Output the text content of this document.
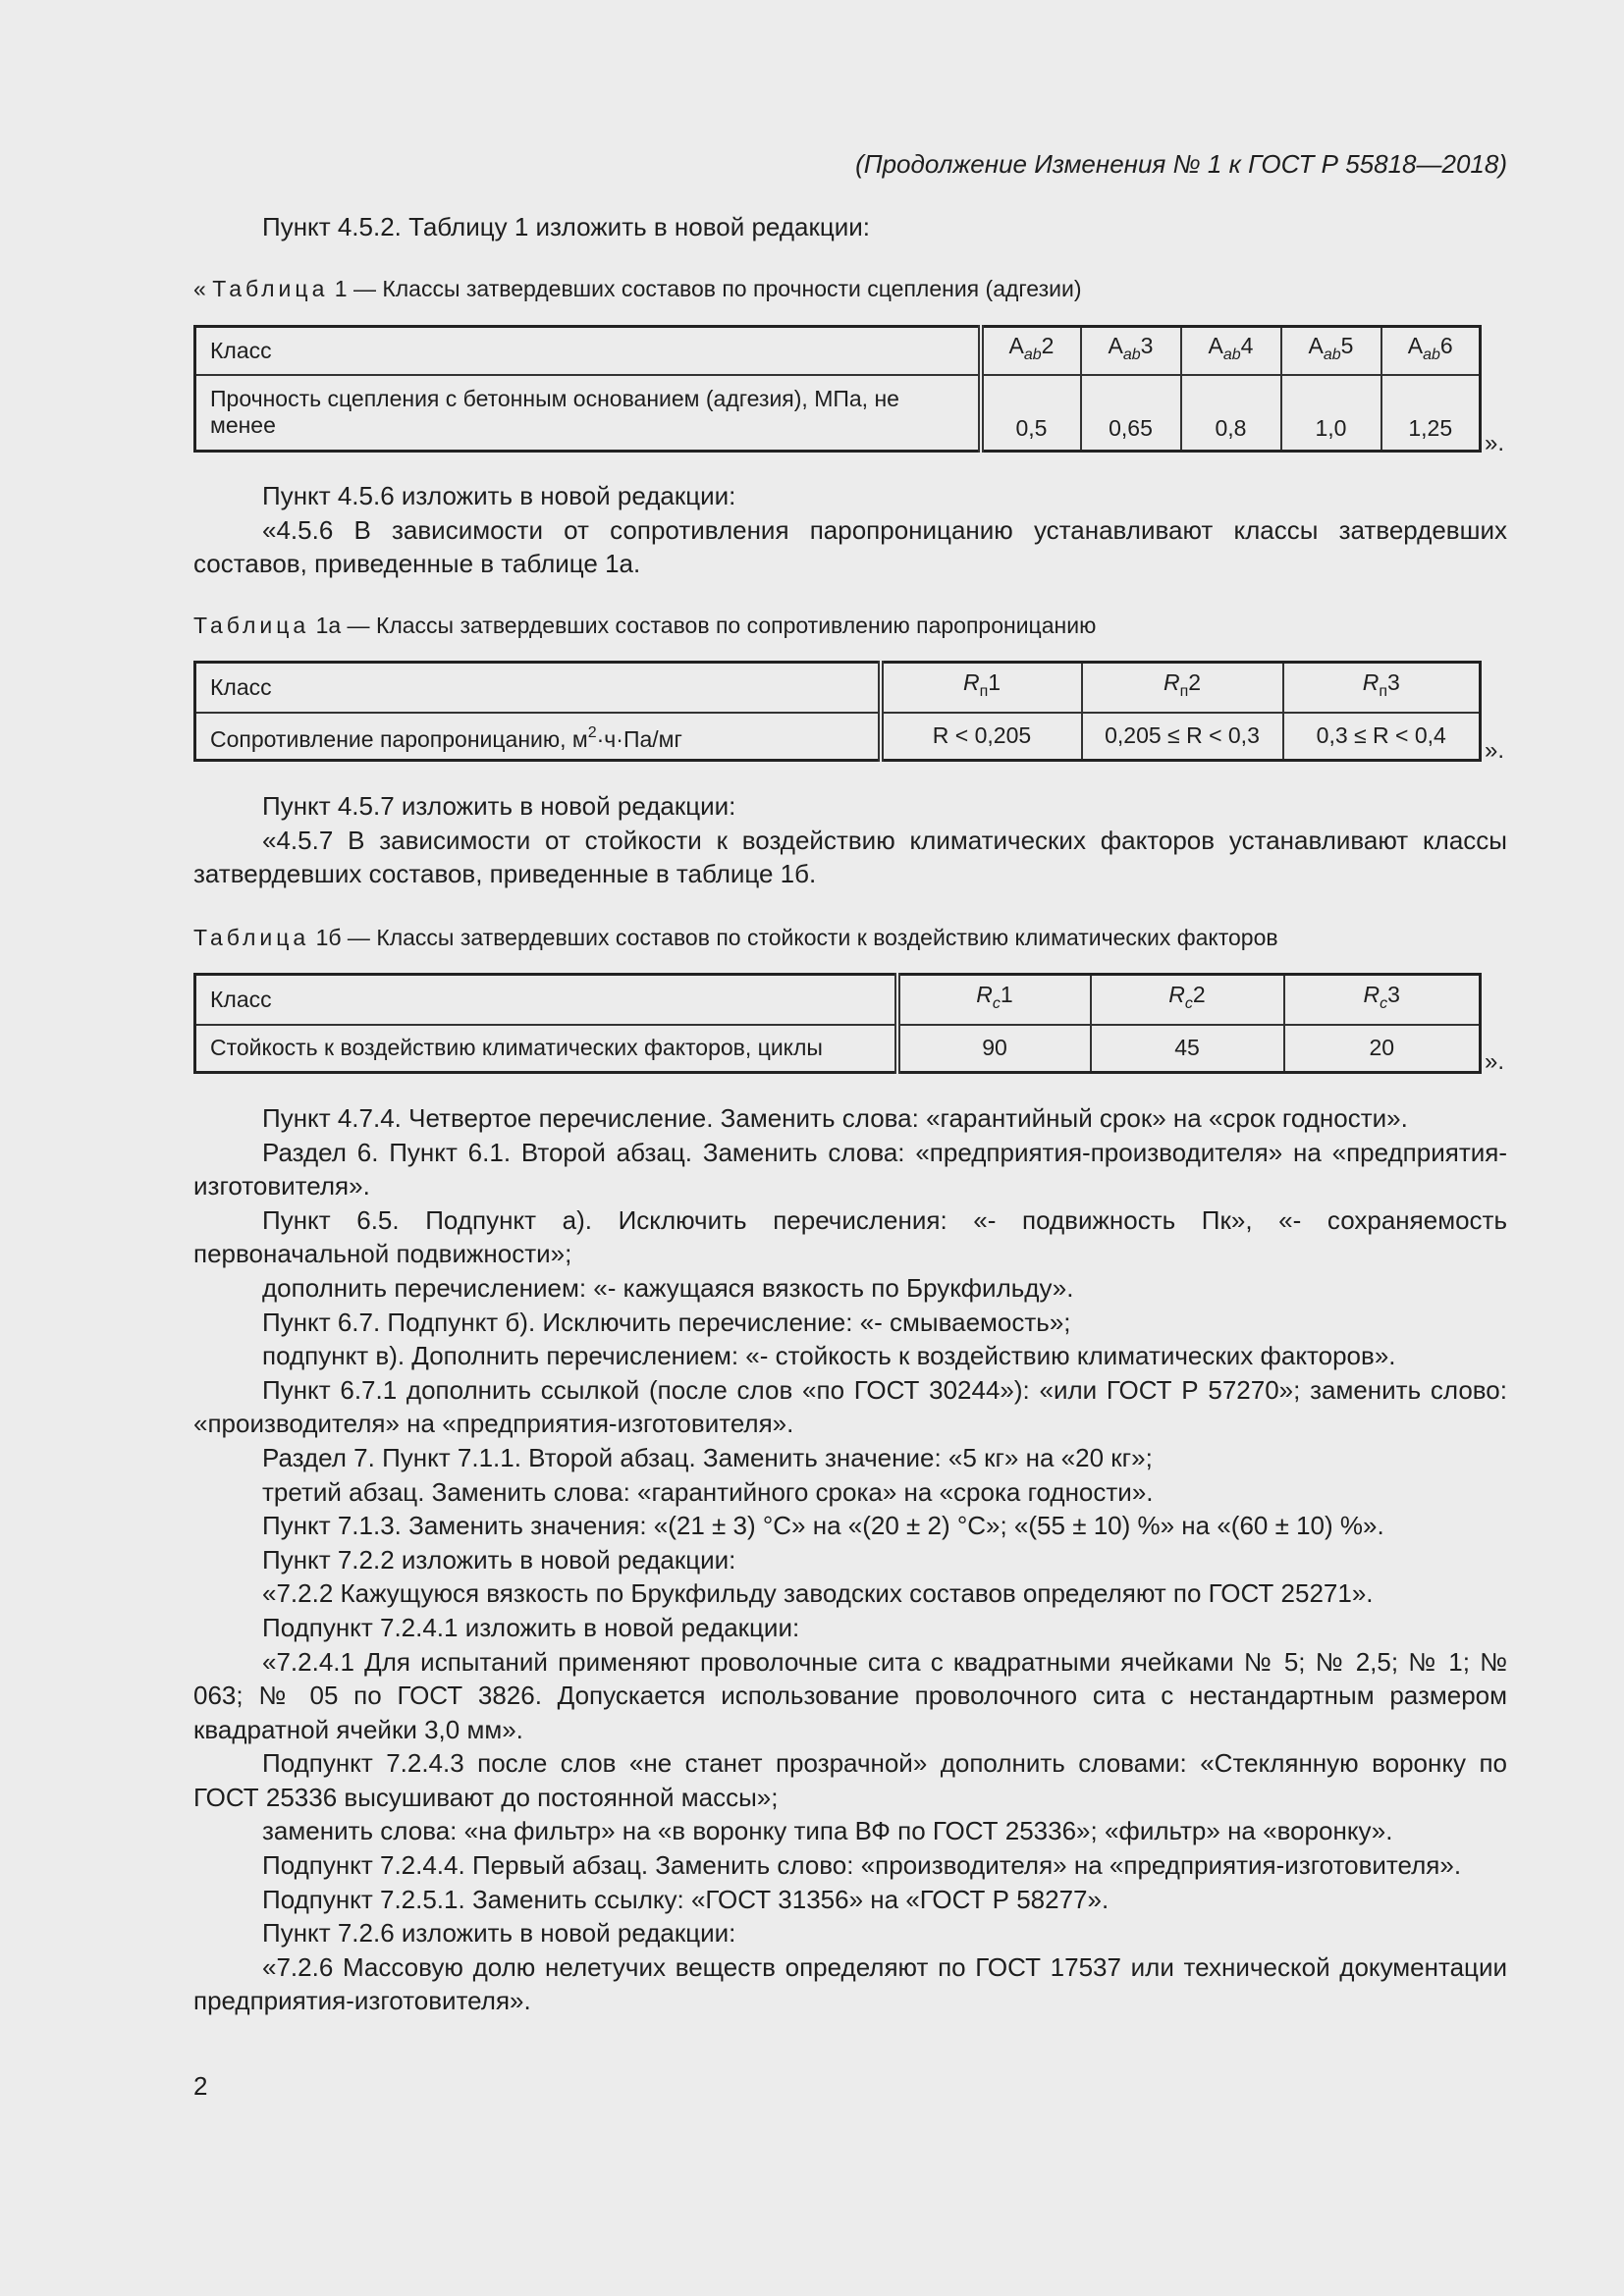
(Продолжение Изменения № 1 к ГОСТ Р 55818—2018)
Пункт 4.5.2. Таблицу 1 изложить в новой редакции:
« Таблица 1 — Классы затвердевших составов по прочности сцепления (адгезии)
Класс	$A_{ab}2$	$A_{ab}3$	$A_{ab}4$	$A_{ab}5$	$A_{ab}6$
Прочность сцепления с бетонным основанием (адгезия), МПа, не менее	0,5	0,65	0,8	1,0	1,25
».

Пункт 4.5.6 изложить в новой редакции:

«4.5.6 В зависимости от сопротивления паропроницанию устанавливают классы затвердевших составов, приведенные в таблице 1а.

Таблица 1а — Классы затвердевших составов по сопротивлению паропроницанию
Класс	$R_п1$	$R_п2$	$R_п3$
Сопротивление паропроницанию, $м^2\cdot ч\cdot Па/мг$	R < 0,205	0,205 ≤ R < 0,3	0,3 ≤ R < 0,4
».

Пункт 4.5.7 изложить в новой редакции:

«4.5.7 В зависимости от стойкости к воздействию климатических факторов устанавливают классы затвердевших составов, приведенные в таблице 1б.

Таблица 1б — Классы затвердевших составов по стойкости к воздействию климатических факторов
Класс	$R_с1$	$R_с2$	$R_с3$
Стойкость к воздействию климатических факторов, циклы	90	45	20
».

Пункт 4.7.4. Четвертое перечисление. Заменить слова: «гарантийный срок» на «срок годности».

Раздел 6. Пункт 6.1. Второй абзац. Заменить слова: «предприятия-производителя» на «предприятия-изготовителя».

Пункт 6.5. Подпункт а). Исключить перечисления: «- подвижность Пк», «- сохраняемость первоначальной подвижности»;

дополнить перечислением: «- кажущаяся вязкость по Брукфильду».

Пункт 6.7. Подпункт б). Исключить перечисление: «- смываемость»;

подпункт в). Дополнить перечислением: «- стойкость к воздействию климатических факторов».

Пункт 6.7.1 дополнить ссылкой (после слов «по ГОСТ 30244»): «или ГОСТ Р 57270»; заменить слово: «производителя» на «предприятия-изготовителя».

Раздел 7. Пункт 7.1.1. Второй абзац. Заменить значение: «5 кг» на «20 кг»;

третий абзац. Заменить слова: «гарантийного срока» на «срока годности».

Пункт 7.1.3. Заменить значения: «(21 ± 3) °С» на «(20 ± 2) °С»; «(55 ± 10) %» на «(60 ± 10) %».

Пункт 7.2.2 изложить в новой редакции:

«7.2.2 Кажущуюся вязкость по Брукфильду заводских составов определяют по ГОСТ 25271».

Подпункт 7.2.4.1 изложить в новой редакции:

«7.2.4.1 Для испытаний применяют проволочные сита с квадратными ячейками № 5; № 2,5; № 1; № 063; № 05 по ГОСТ 3826. Допускается использование проволочного сита с нестандартным размером квадратной ячейки 3,0 мм».

Подпункт 7.2.4.3 после слов «не станет прозрачной» дополнить словами: «Стеклянную воронку по ГОСТ 25336 высушивают до постоянной массы»;

заменить слова: «на фильтр» на «в воронку типа ВФ по ГОСТ 25336»; «фильтр» на «воронку».

Подпункт 7.2.4.4. Первый абзац. Заменить слово: «производителя» на «предприятия-изготовителя».

Подпункт 7.2.5.1. Заменить ссылку: «ГОСТ 31356» на «ГОСТ Р 58277».

Пункт 7.2.6 изложить в новой редакции:

«7.2.6 Массовую долю нелетучих веществ определяют по ГОСТ 17537 или технической документации предприятия-изготовителя».

2
